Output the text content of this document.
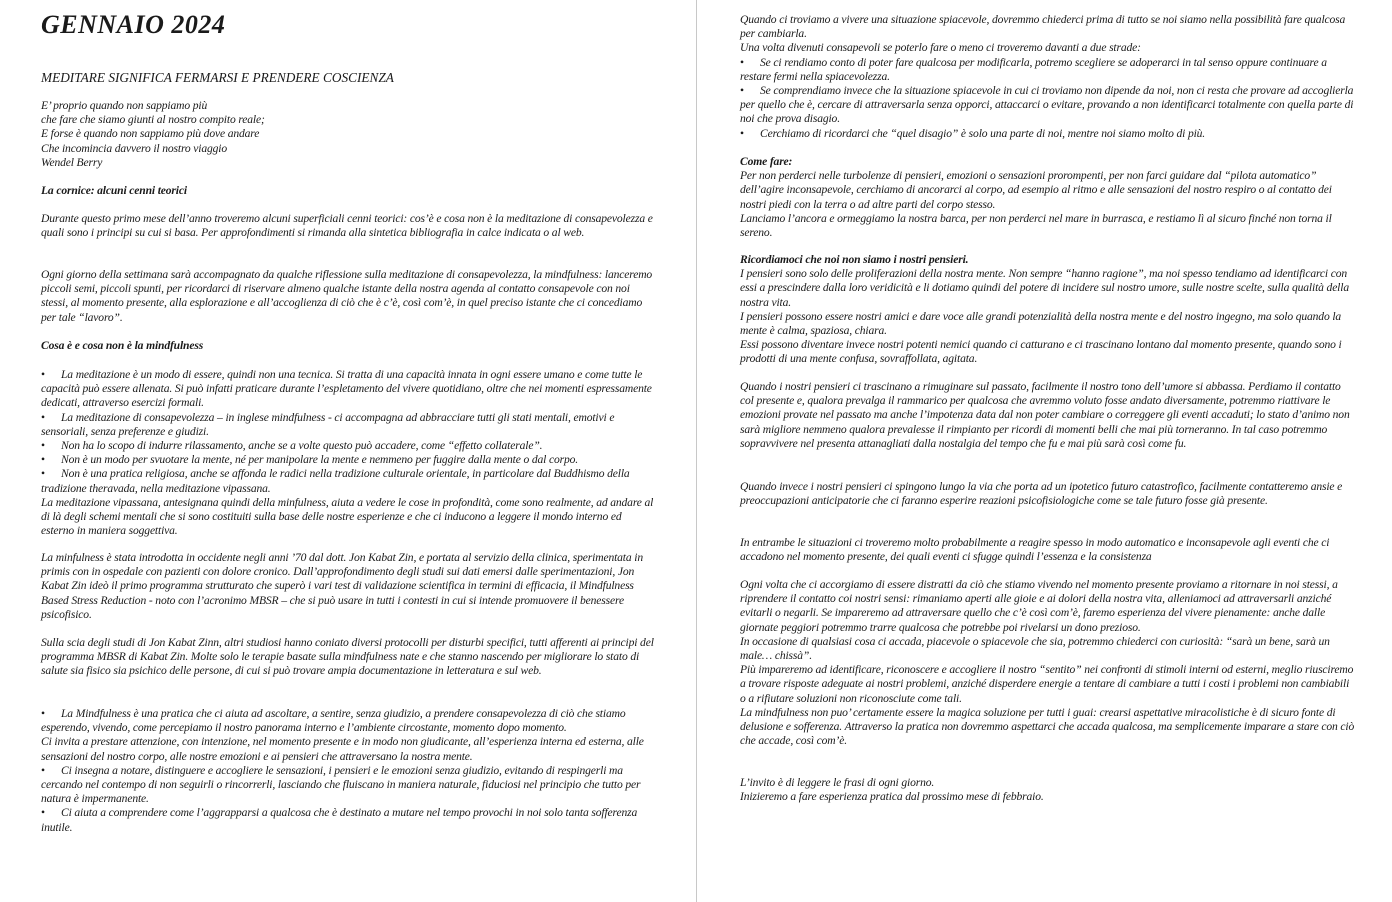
GENNAIO 2024
MEDITARE SIGNIFICA FERMARSI E PRENDERE COSCIENZA

E’ proprio quando non sappiamo più

che fare che siamo giunti al nostro compito reale;

E forse è quando non sappiamo più dove andare

Che incomincia davvero il nostro viaggio

Wendel Berry

La cornice: alcuni cenni teorici

Durante questo primo mese dell’anno troveremo alcuni superficiali cenni teorici: cos’è e cosa non è la meditazione di consapevolezza e quali sono i principi su cui si basa. Per approfondimenti si rimanda alla sintetica bibliografia in calce indicata o al web.

Ogni giorno della settimana sarà accompagnato da qualche riflessione sulla meditazione di consapevolezza, la mindfulness: lanceremo piccoli semi, piccoli spunti, per ricordarci di riservare almeno qualche istante della nostra agenda al contatto consapevole con noi stessi, al momento presente, alla esplorazione e all’accoglienza di ciò che è c’è, così com’è, in quel preciso istante che ci concediamo per tale “lavoro”.

Cosa è e cosa non è la mindfulness

• La meditazione è un modo di essere, quindi non una tecnica. Si tratta di una capacità innata in ogni essere umano e come tutte le capacità può essere allenata. Si può infatti praticare durante l’espletamento del vivere quotidiano, oltre che nei momenti espressamente dedicati, attraverso esercizi formali.

• La meditazione di consapevolezza – in inglese mindfulness - ci accompagna ad abbracciare tutti gli stati mentali, emotivi e sensoriali, senza preferenze e giudizi.

• Non ha lo scopo di indurre rilassamento, anche se a volte questo può accadere, come “effetto collaterale”.

• Non è un modo per svuotare la mente, né per manipolare la mente e nemmeno per fuggire dalla mente o dal corpo.

• Non è una pratica religiosa, anche se affonda le radici nella tradizione culturale orientale, in particolare dal Buddhismo della tradizione theravada, nella meditazione vipassana.

La meditazione vipassana, antesignana quindi della minfulness, aiuta a vedere le cose in profondità, come sono realmente, ad andare al di là degli schemi mentali che si sono costituiti sulla base delle nostre esperienze e che ci inducono a leggere il mondo interno ed esterno in maniera soggettiva.

La minfulness è stata introdotta in occidente negli anni ’70 dal dott. Jon Kabat Zin, e portata al servizio della clinica, sperimentata in primis con in ospedale con pazienti con dolore cronico. Dall’approfondimento degli studi sui dati emersi dalle sperimentazioni, Jon Kabat Zin ideò il primo programma strutturato che superò i vari test di validazione scientifica in termini di efficacia, il Mindfulness Based Stress Reduction - noto con l’acronimo MBSR – che si può usare in tutti i contesti in cui si intende promuovere il benessere psicofisico.

Sulla scia degli studi di Jon Kabat Zinn, altri studiosi hanno coniato diversi protocolli per disturbi specifici, tutti afferenti ai principi del programma MBSR di Kabat Zin. Molte solo le terapie basate sulla mindfulness nate e che stanno nascendo per migliorare lo stato di salute sia fisico sia psichico delle persone, di cui si può trovare ampia documentazione in letteratura e sul web.

• La Mindfulness è una pratica che ci aiuta ad ascoltare, a sentire, senza giudizio, a prendere consapevolezza di ciò che stiamo esperendo, vivendo, come percepiamo il nostro panorama interno e l’ambiente circostante, momento dopo momento.

Ci invita a prestare attenzione, con intenzione, nel momento presente e in modo non giudicante, all’esperienza interna ed esterna, alle sensazioni del nostro corpo, alle nostre emozioni e ai pensieri che attraversano la nostra mente.

• Ci insegna a notare, distinguere e accogliere le sensazioni, i pensieri e le emozioni senza giudizio, evitando di respingerli ma cercando nel contempo di non seguirli o rincorrerli, lasciando che fluiscano in maniera naturale, fiduciosi nel principio che tutto per natura è impermanente.

• Ci aiuta a comprendere come l’aggrapparsi a qualcosa che è destinato a mutare nel tempo provochi in noi solo tanta sofferenza inutile.

Quando ci troviamo a vivere una situazione spiacevole, dovremmo chiederci prima di tutto se noi siamo nella possibilità fare qualcosa per cambiarla.

Una volta divenuti consapevoli se poterlo fare o meno ci troveremo davanti a due strade:

• Se ci rendiamo conto di poter fare qualcosa per modificarla, potremo scegliere se adoperarci in tal senso oppure continuare a restare fermi nella spiacevolezza.

• Se comprendiamo invece che la situazione spiacevole in cui ci troviamo non dipende da noi, non ci resta che provare ad accoglierla per quello che è, cercare di attraversarla senza opporci, attaccarci o evitare, provando a non identificarci totalmente con quella parte di noi che prova disagio.

• Cerchiamo di ricordarci che “quel disagio” è solo una parte di noi, mentre noi siamo molto di più.

Come fare:

Per non perderci nelle turbolenze di pensieri, emozioni o sensazioni prorompenti, per non farci guidare dal “pilota automatico” dell’agire inconsapevole, cerchiamo di ancorarci al corpo, ad esempio al ritmo e alle sensazioni del nostro respiro o al contatto dei nostri piedi con la terra o ad altre parti del corpo stesso.

Lanciamo l’ancora e ormeggiamo la nostra barca, per non perderci nel mare in burrasca, e restiamo lì al sicuro finché non torna il sereno.

Ricordiamoci che noi non siamo i nostri pensieri.

I pensieri sono solo delle proliferazioni della nostra mente. Non sempre “hanno ragione”, ma noi spesso tendiamo ad identificarci con essi a prescindere dalla loro veridicità e li dotiamo quindi del potere di incidere sul nostro umore, sulle nostre scelte, sulla qualità della nostra vita.

I pensieri possono essere nostri amici e dare voce alle grandi potenzialità della nostra mente e del nostro ingegno, ma solo quando la mente è calma, spaziosa, chiara.

Essi possono diventare invece nostri potenti nemici quando ci catturano e ci trascinano lontano dal momento presente, quando sono i prodotti di una mente confusa, sovraffollata, agitata.

Quando i nostri pensieri ci trascinano a rimuginare sul passato, facilmente il nostro tono dell’umore si abbassa. Perdiamo il contatto col presente e, qualora prevalga il rammarico per qualcosa che avremmo voluto fosse andato diversamente, potremmo riattivare le emozioni provate nel passato ma anche l’impotenza data dal non poter cambiare o correggere gli eventi accaduti; lo stato d’animo non sarà migliore nemmeno qualora prevalesse il rimpianto per ricordi di momenti belli che mai più torneranno. In tal caso potremmo sopravvivere nel presenta attanagliati dalla nostalgia del tempo che fu e mai più sarà così come fu.

Quando invece i nostri pensieri ci spingono lungo la via che porta ad un ipotetico futuro catastrofico, facilmente contatteremo ansie e preoccupazioni anticipatorie che ci faranno esperire reazioni psicofisiologiche come se tale futuro fosse già presente.

In entrambe le situazioni ci troveremo molto probabilmente a reagire spesso in modo automatico e inconsapevole agli eventi che ci accadono nel momento presente, dei quali eventi ci sfugge quindi l’essenza e la consistenza

Ogni volta che ci accorgiamo di essere distratti da ciò che stiamo vivendo nel momento presente proviamo a ritornare in noi stessi, a riprendere il contatto coi nostri sensi: rimaniamo aperti alle gioie e ai dolori della nostra vita, alleniamoci ad attraversarli anziché evitarli o negarli. Se impareremo ad attraversare quello che c’è così com’è, faremo esperienza del vivere pienamente: anche dalle giornate peggiori potremmo trarre qualcosa che potrebbe poi rivelarsi un dono prezioso.

In occasione di qualsiasi cosa ci accada, piacevole o spiacevole che sia, potremmo chiederci con curiosità: “sarà un bene, sarà un male… chissà”.

Più impareremo ad identificare, riconoscere e accogliere il nostro “sentito” nei confronti di stimoli interni od esterni, meglio riusciremo a trovare risposte adeguate ai nostri problemi, anziché disperdere energie a tentare di cambiare a tutti i costi i problemi non cambiabili o a rifiutare soluzioni non riconosciute come tali.

La mindfulness non puo’ certamente essere la magica soluzione per tutti i guai: crearsi aspettative miracolistiche è di sicuro fonte di delusione e sofferenza. Attraverso la pratica non dovremmo aspettarci che accada qualcosa, ma semplicemente imparare a stare con ciò che accade, così com’è.

L’invito è di leggere le frasi di ogni giorno.

Inizieremo a fare esperienza pratica dal prossimo mese di febbraio.
